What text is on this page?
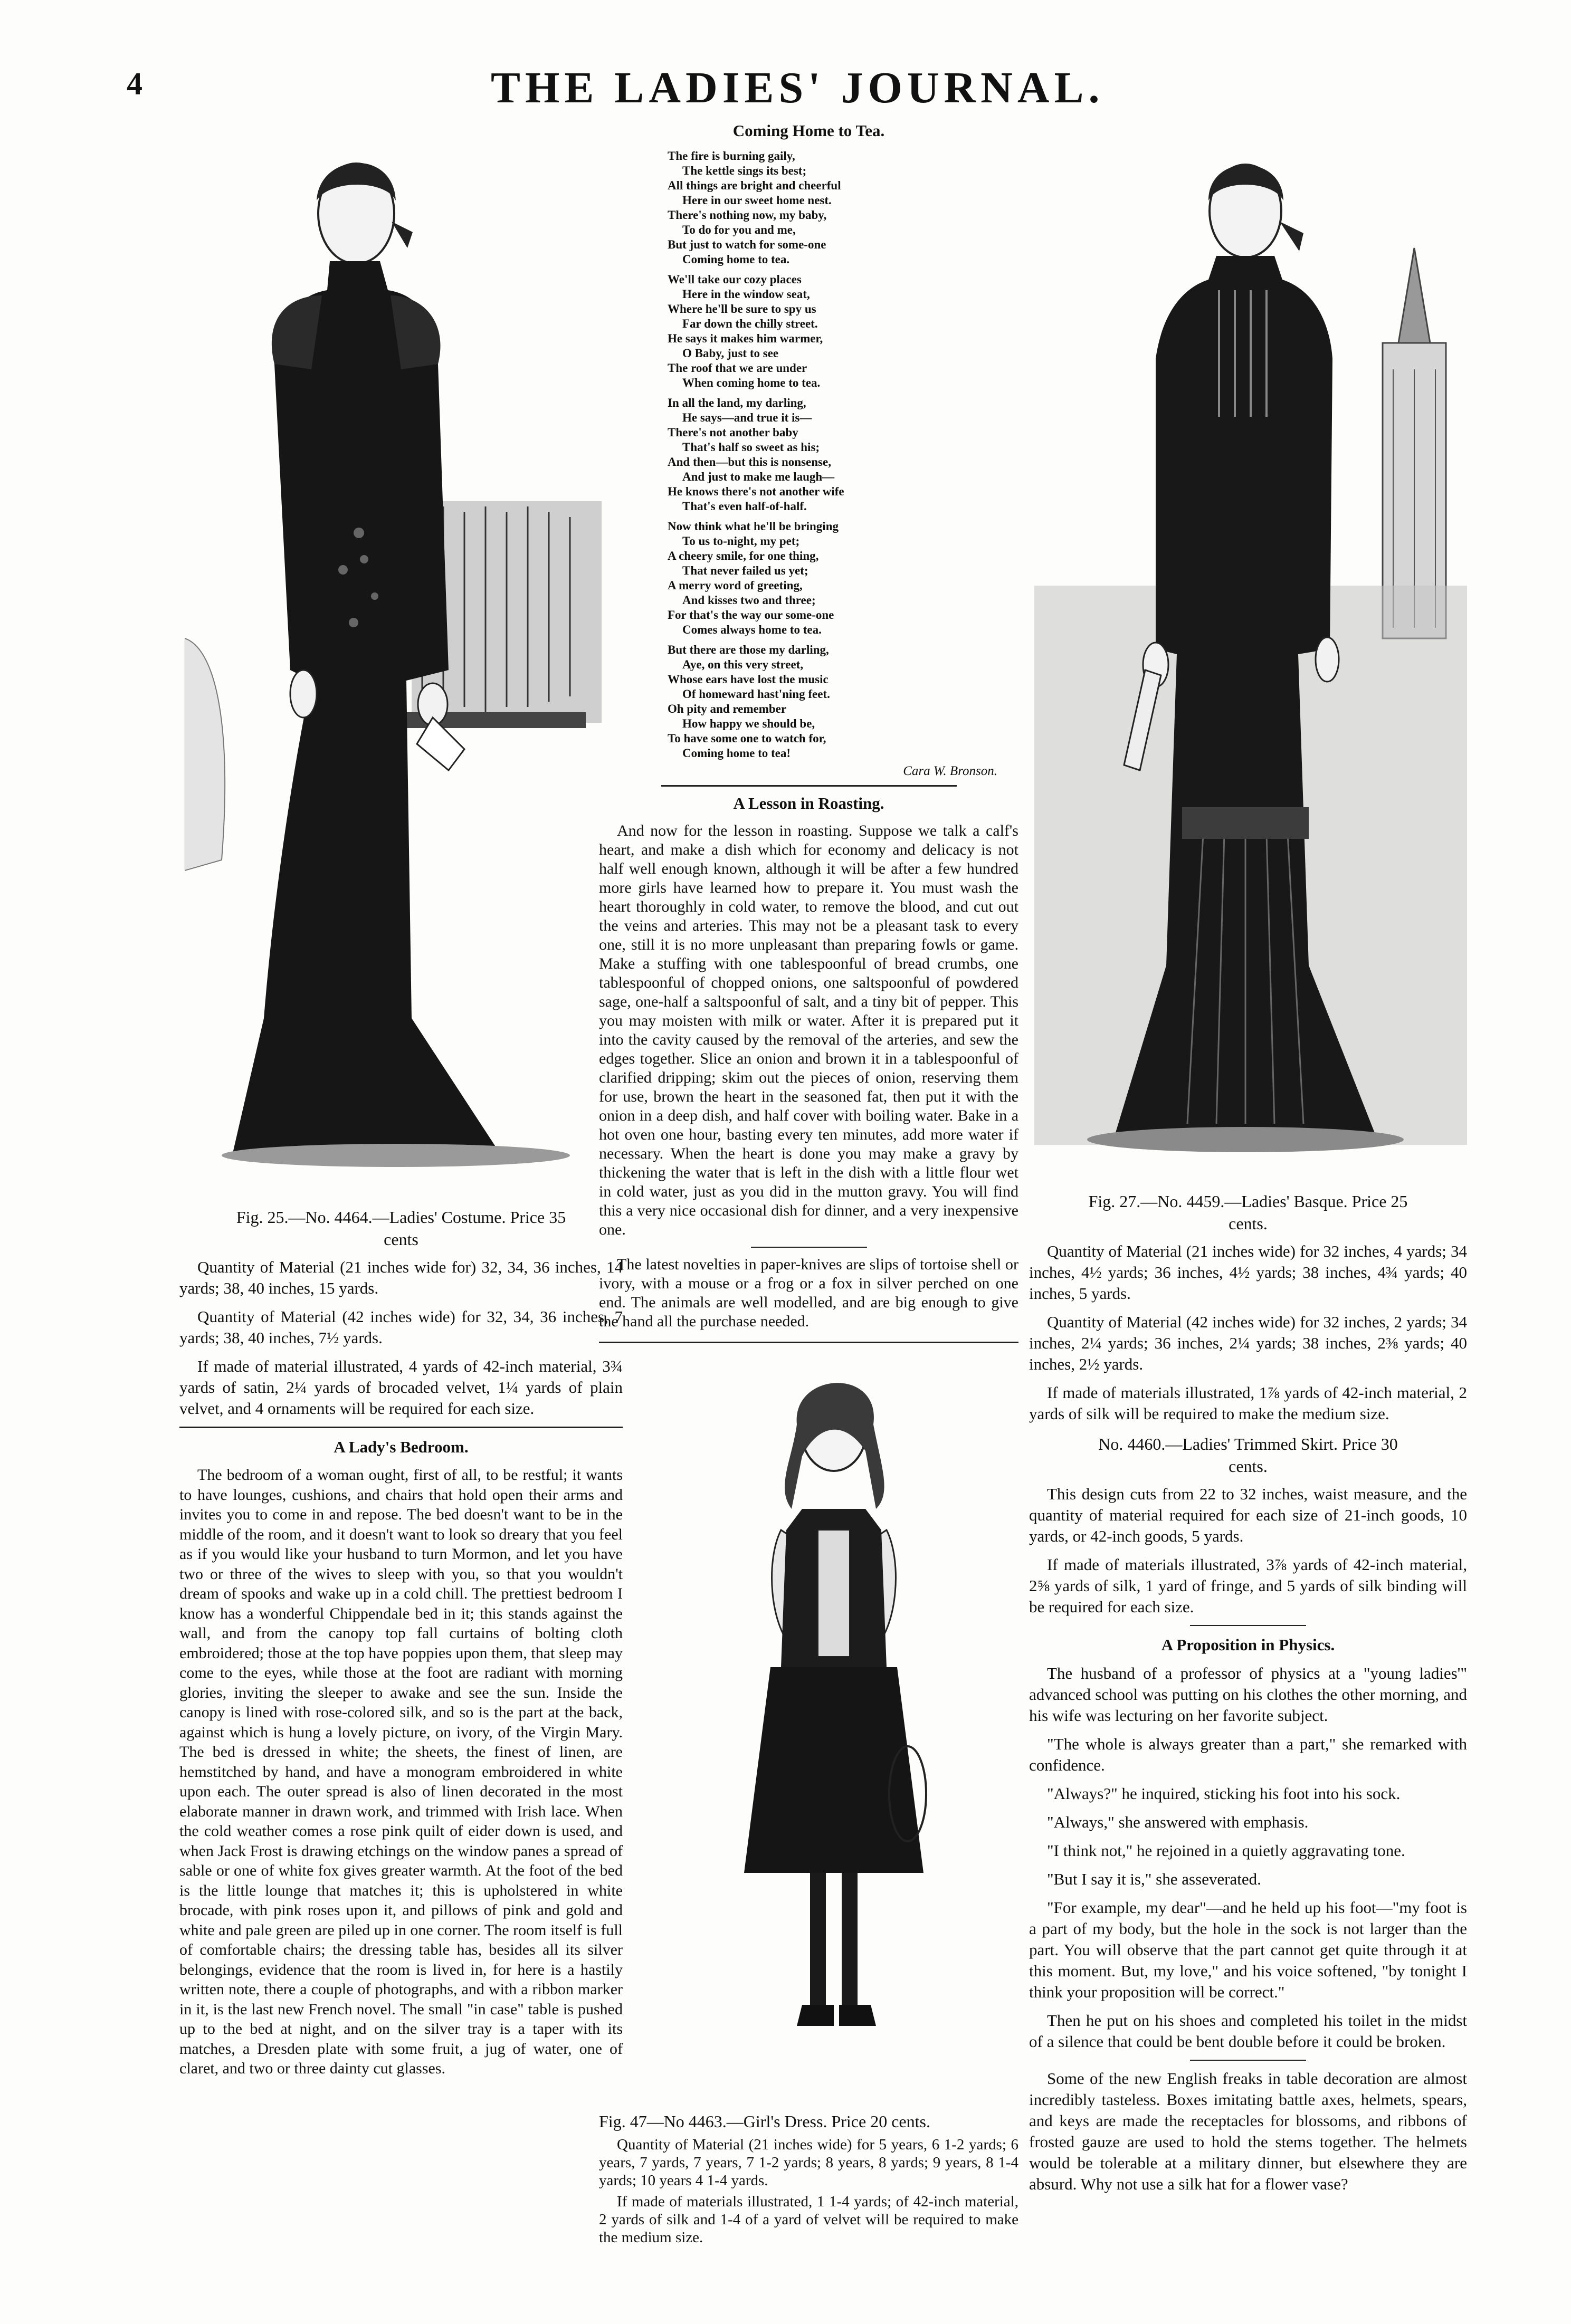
4	THE LADIES' JOURNAL.
Fig. 25.—No. 4464.—Ladies' Costume. Price 35
cents

Quantity of Material (21 inches wide for) 32, 34, 36 inches, 14 yards; 38, 40 inches, 15 yards.

Quantity of Material (42 inches wide) for 32, 34, 36 inches, 7 yards; 38, 40 inches, 7½ yards.

If made of material illustrated, 4 yards of 42-inch material, 3¾ yards of satin, 2¼ yards of brocaded velvet, 1¼ yards of plain velvet, and 4 ornaments will be required for each size.

A Lady's Bedroom.

The bedroom of a woman ought, first of all, to be restful; it wants to have lounges, cushions, and chairs that hold open their arms and invites you to come in and repose. The bed doesn't want to be in the middle of the room, and it doesn't want to look so dreary that you feel as if you would like your husband to turn Mormon, and let you have two or three of the wives to sleep with you, so that you wouldn't dream of spooks and wake up in a cold chill. The prettiest bedroom I know has a wonderful Chippendale bed in it; this stands against the wall, and from the canopy top fall curtains of bolting cloth embroidered; those at the top have poppies upon them, that sleep may come to the eyes, while those at the foot are radiant with morning glories, inviting the sleeper to awake and see the sun. Inside the canopy is lined with rose-colored silk, and so is the part at the back, against which is hung a lovely picture, on ivory, of the Virgin Mary. The bed is dressed in white; the sheets, the finest of linen, are hemstitched by hand, and have a monogram embroidered in white upon each. The outer spread is also of linen decorated in the most elaborate manner in drawn work, and trimmed with Irish lace. When the cold weather comes a rose pink quilt of eider down is used, and when Jack Frost is drawing etchings on the window panes a spread of sable or one of white fox gives greater warmth. At the foot of the bed is the little lounge that matches it; this is upholstered in white brocade, with pink roses upon it, and pillows of pink and gold and white and pale green are piled up in one corner. The room itself is full of comfortable chairs; the dressing table has, besides all its silver belongings, evidence that the room is lived in, for here is a hastily written note, there a couple of photographs, and with a ribbon marker in it, is the last new French novel. The small "in case" table is pushed up to the bed at night, and on the silver tray is a taper with its matches, a Dresden plate with some fruit, a jug of water, one of claret, and two or three dainty cut glasses.

Coming Home to Tea.
The fire is burning gaily,
The kettle sings its best;
All things are bright and cheerful
Here in our sweet home nest.
There's nothing now, my baby,
To do for you and me,
But just to watch for some-one
Coming home to tea.
We'll take our cozy places
Here in the window seat,
Where he'll be sure to spy us
Far down the chilly street.
He says it makes him warmer,
O Baby, just to see
The roof that we are under
When coming home to tea.
In all the land, my darling,
He says—and true it is—
There's not another baby
That's half so sweet as his;
And then—but this is nonsense,
And just to make me laugh—
He knows there's not another wife
That's even half-of-half.
Now think what he'll be bringing
To us to-night, my pet;
A cheery smile, for one thing,
That never failed us yet;
A merry word of greeting,
And kisses two and three;
For that's the way our some-one
Comes always home to tea.
But there are those my darling,
Aye, on this very street,
Whose ears have lost the music
Of homeward hast'ning feet.
Oh pity and remember
How happy we should be,
To have some one to watch for,
Coming home to tea!
Cara W. Bronson.
A Lesson in Roasting.

And now for the lesson in roasting. Suppose we talk a calf's heart, and make a dish which for economy and delicacy is not half well enough known, although it will be after a few hundred more girls have learned how to prepare it. You must wash the heart thoroughly in cold water, to remove the blood, and cut out the veins and arteries. This may not be a pleasant task to every one, still it is no more unpleasant than preparing fowls or game. Make a stuffing with one tablespoonful of bread crumbs, one tablespoonful of chopped onions, one saltspoonful of powdered sage, one-half a saltspoonful of salt, and a tiny bit of pepper. This you may moisten with milk or water. After it is prepared put it into the cavity caused by the removal of the arteries, and sew the edges together. Slice an onion and brown it in a tablespoonful of clarified dripping; skim out the pieces of onion, reserving them for use, brown the heart in the seasoned fat, then put it with the onion in a deep dish, and half cover with boiling water. Bake in a hot oven one hour, basting every ten minutes, add more water if necessary. When the heart is done you may make a gravy by thickening the water that is left in the dish with a little flour wet in cold water, just as you did in the mutton gravy. You will find this a very nice occasional dish for dinner, and a very inexpensive one.

The latest novelties in paper-knives are slips of tortoise shell or ivory, with a mouse or a frog or a fox in silver perched on one end. The animals are well modelled, and are big enough to give the hand all the purchase needed.

Fig. 47—No 4463.—Girl's Dress. Price 20 cents.

Quantity of Material (21 inches wide) for 5 years, 6 1-2 yards; 6 years, 7 yards, 7 years, 7 1-2 yards; 8 years, 8 yards; 9 years, 8 1-4 yards; 10 years 4 1-4 yards.

If made of materials illustrated, 1 1-4 yards; of 42-inch material, 2 yards of silk and 1-4 of a yard of velvet will be required to make the medium size.

Fig. 27.—No. 4459.—Ladies' Basque. Price 25
cents.

Quantity of Material (21 inches wide) for 32 inches, 4 yards; 34 inches, 4½ yards; 36 inches, 4½ yards; 38 inches, 4¾ yards; 40 inches, 5 yards.

Quantity of Material (42 inches wide) for 32 inches, 2 yards; 34 inches, 2¼ yards; 36 inches, 2¼ yards; 38 inches, 2⅜ yards; 40 inches, 2½ yards.

If made of materials illustrated, 1⅞ yards of 42-inch material, 2 yards of silk will be required to make the medium size.

No. 4460.—Ladies' Trimmed Skirt. Price 30
cents.

This design cuts from 22 to 32 inches, waist measure, and the quantity of material required for each size of 21-inch goods, 10 yards, or 42-inch goods, 5 yards.

If made of materials illustrated, 3⅞ yards of 42-inch material, 2⅝ yards of silk, 1 yard of fringe, and 5 yards of silk binding will be required for each size.

A Proposition in Physics.

The husband of a professor of physics at a "young ladies'" advanced school was putting on his clothes the other morning, and his wife was lecturing on her favorite subject.

"The whole is always greater than a part," she remarked with confidence.

"Always?" he inquired, sticking his foot into his sock.

"Always," she answered with emphasis.

"I think not," he rejoined in a quietly aggravating tone.

"But I say it is," she asseverated.

"For example, my dear"—and he held up his foot—"my foot is a part of my body, but the hole in the sock is not larger than the part. You will observe that the part cannot get quite through it at this moment. But, my love," and his voice softened, "by tonight I think your proposition will be correct."

Then he put on his shoes and completed his toilet in the midst of a silence that could be bent double before it could be broken.

Some of the new English freaks in table decoration are almost incredibly tasteless. Boxes imitating battle axes, helmets, spears, and keys are made the receptacles for blossoms, and ribbons of frosted gauze are used to hold the stems together. The helmets would be tolerable at a military dinner, but elsewhere they are absurd. Why not use a silk hat for a flower vase?
